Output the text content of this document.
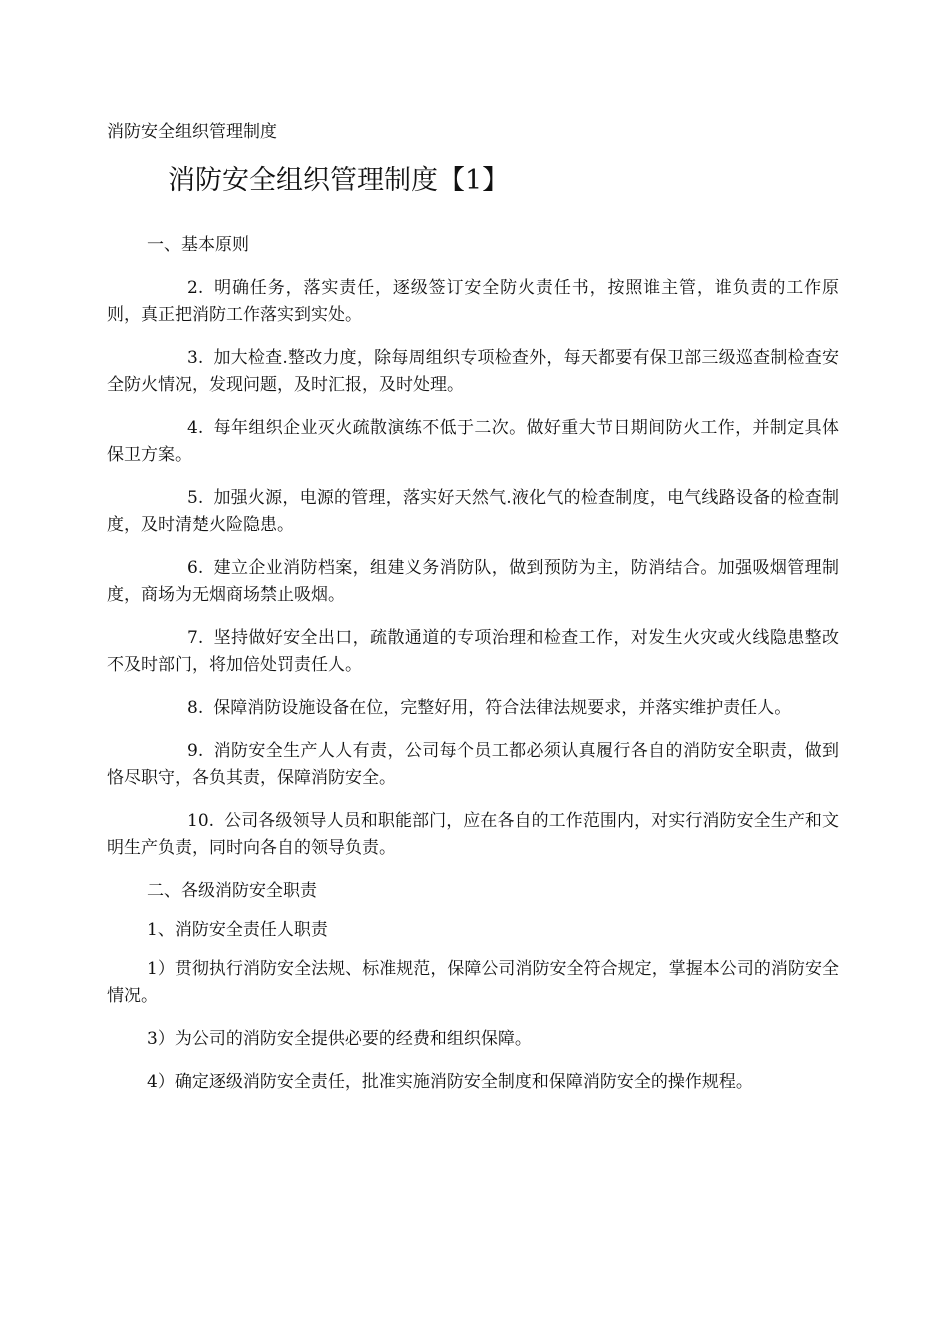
消防安全组织管理制度
消防安全组织管理制度【1】

一、基本原则

2. 明确任务，落实责任，逐级签订安全防火责任书，按照谁主管，谁负责的工作原则，真正把消防工作落实到实处。

3. 加大检查.整改力度，除每周组织专项检查外，每天都要有保卫部三级巡查制检查安全防火情况，发现问题，及时汇报，及时处理。

4. 每年组织企业灭火疏散演练不低于二次。做好重大节日期间防火工作，并制定具体保卫方案。

5. 加强火源，电源的管理，落实好天然气.液化气的检查制度，电气线路设备的检查制度，及时清楚火险隐患。

6. 建立企业消防档案，组建义务消防队，做到预防为主，防消结合。加强吸烟管理制度，商场为无烟商场禁止吸烟。

7. 坚持做好安全出口，疏散通道的专项治理和检查工作，对发生火灾或火线隐患整改不及时部门，将加倍处罚责任人。

8. 保障消防设施设备在位，完整好用，符合法律法规要求，并落实维护责任人。

9. 消防安全生产人人有责，公司每个员工都必须认真履行各自的消防安全职责，做到恪尽职守，各负其责，保障消防安全。

10. 公司各级领导人员和职能部门，应在各自的工作范围内，对实行消防安全生产和文明生产负责，同时向各自的领导负责。

二、各级消防安全职责

1、消防安全责任人职责

1）贯彻执行消防安全法规、标准规范，保障公司消防安全符合规定，掌握本公司的消防安全情况。

3）为公司的消防安全提供必要的经费和组织保障。

4）确定逐级消防安全责任，批准实施消防安全制度和保障消防安全的操作规程。
